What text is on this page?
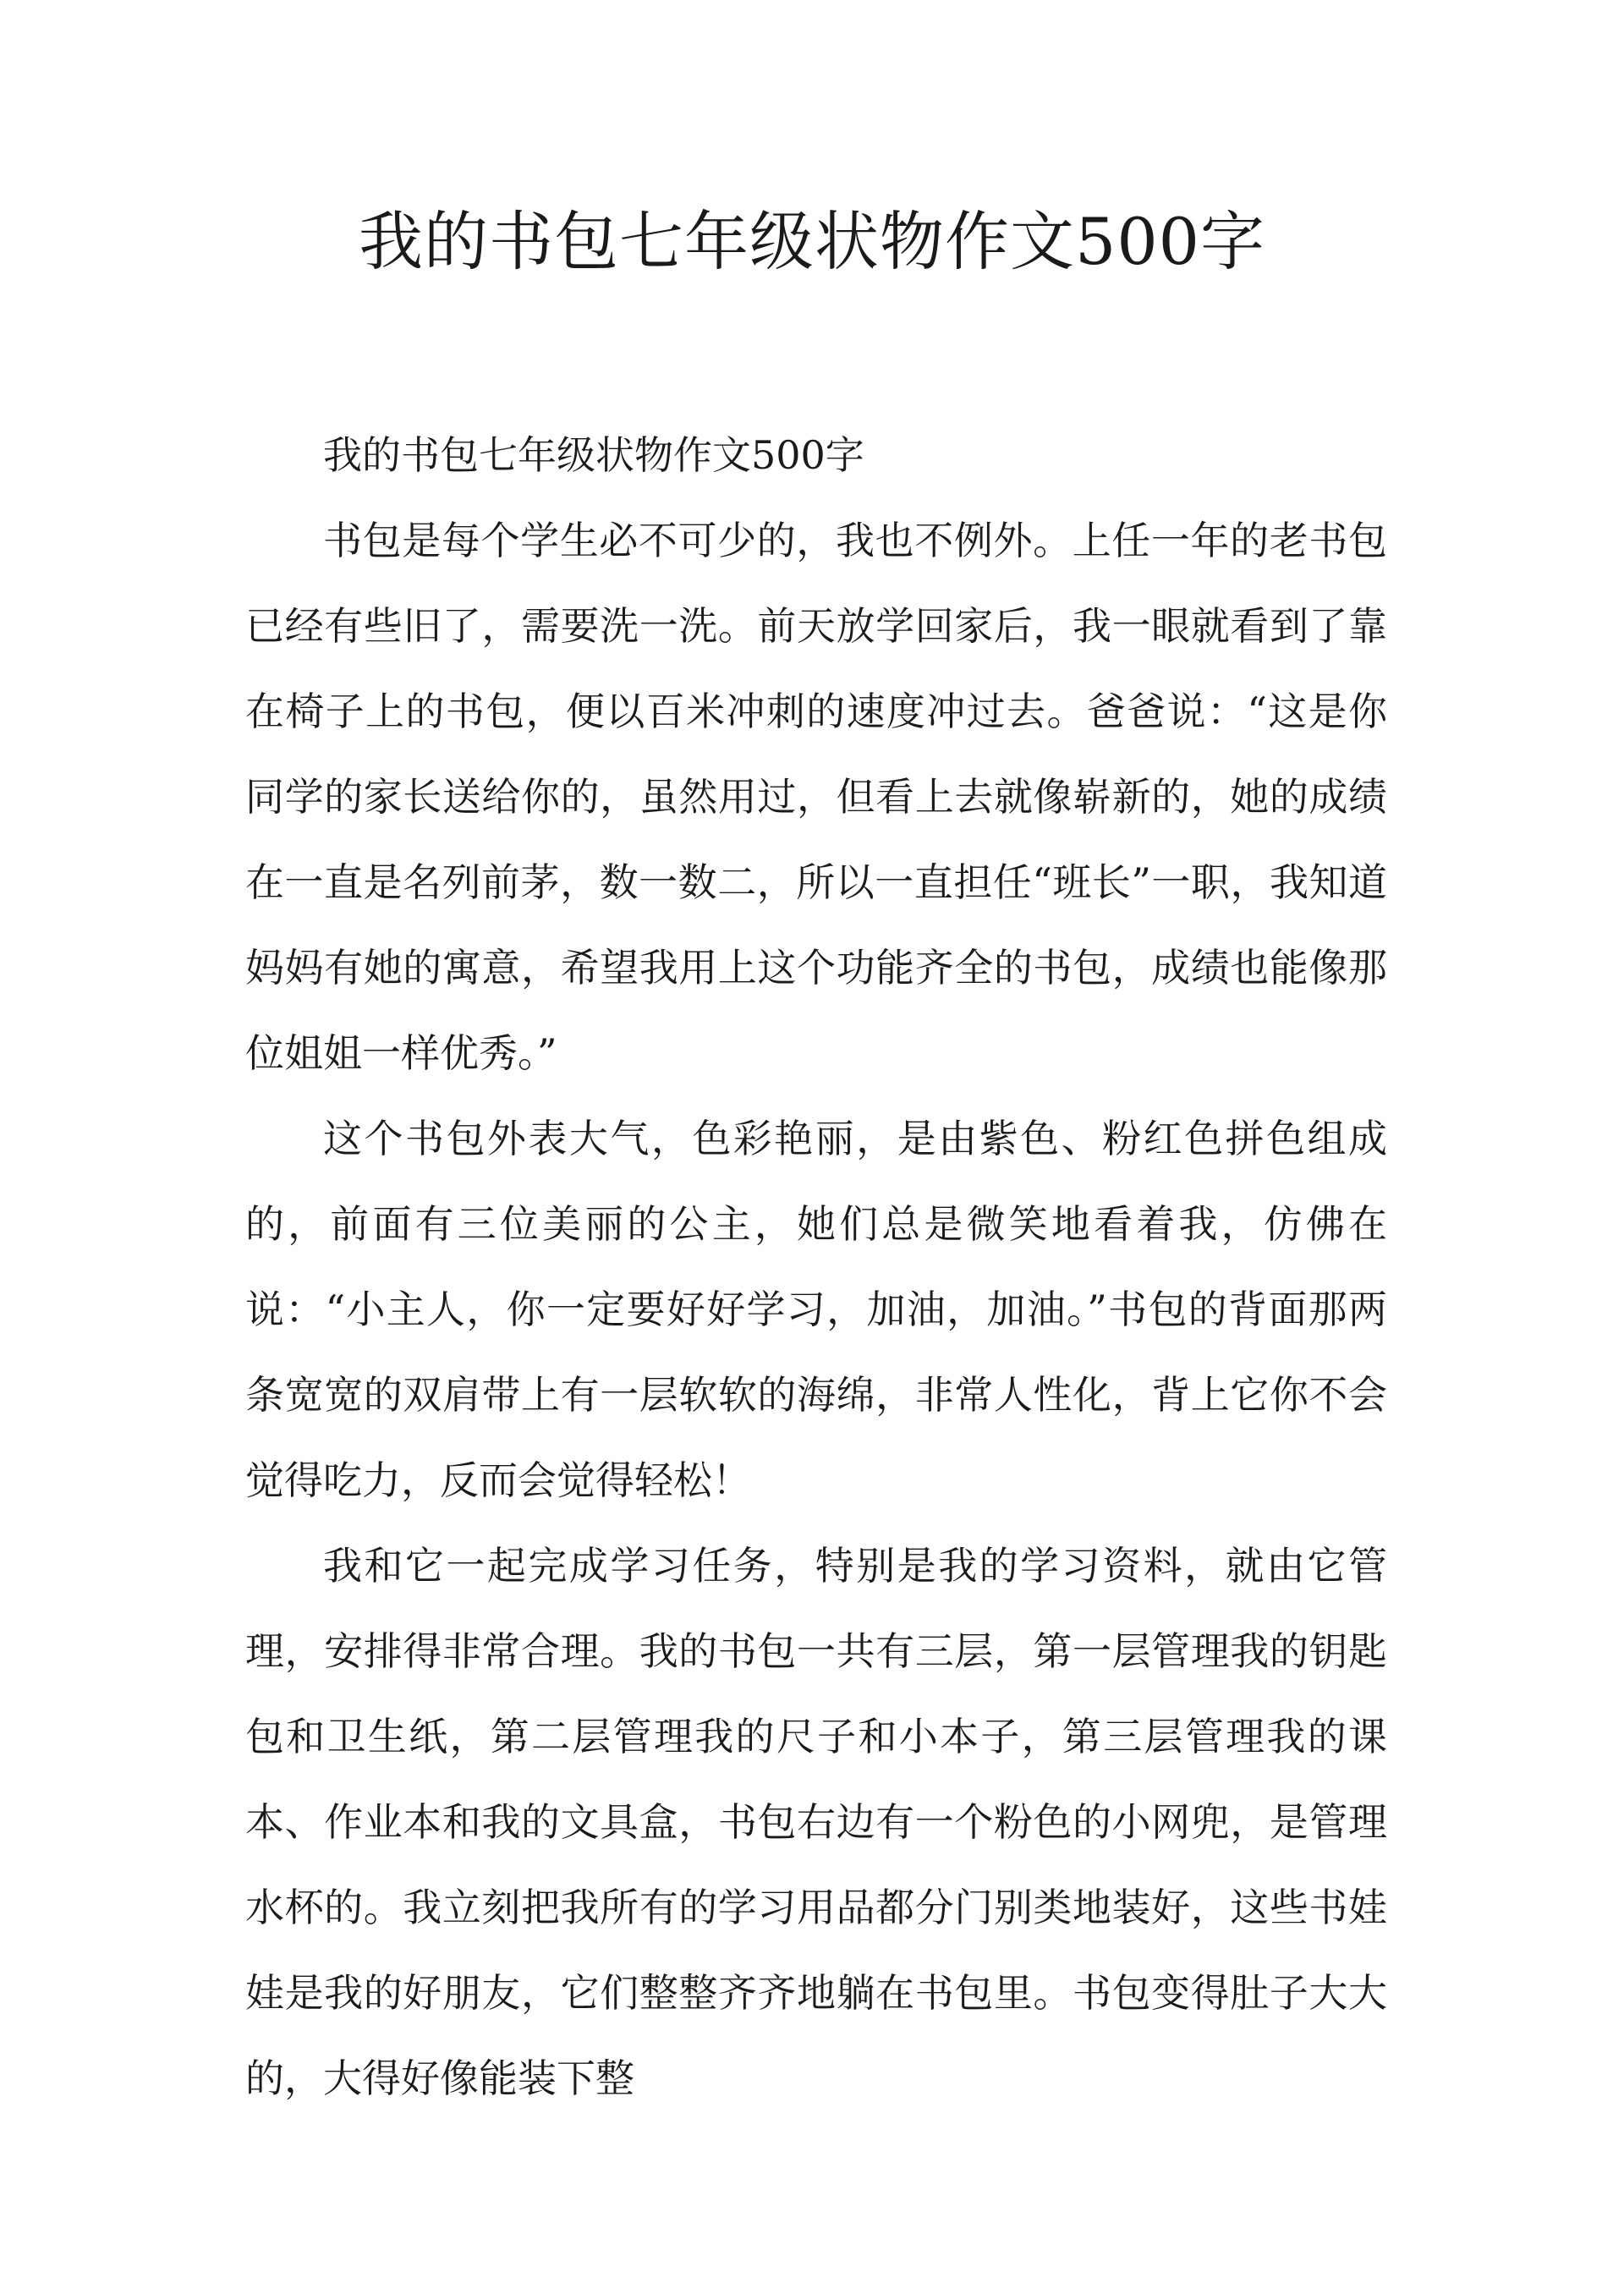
我的书包七年级状物作文500字

我的书包七年级状物作文500字

书包是每个学生必不可少的，我也不例外。上任一年的老书包已经有些旧了，需要洗一洗。前天放学回家后，我一眼就看到了靠在椅子上的书包，便以百米冲刺的速度冲过去。爸爸说：“这是你同学的家长送给你的，虽然用过，但看上去就像崭新的，她的成绩在一直是名列前茅，数一数二，所以一直担任“班长”一职，我知道妈妈有她的寓意，希望我用上这个功能齐全的书包，成绩也能像那位姐姐一样优秀。”

这个书包外表大气，色彩艳丽，是由紫色、粉红色拼色组成的，前面有三位美丽的公主，她们总是微笑地看着我，仿佛在说：“小主人，你一定要好好学习，加油，加油。”书包的背面那两条宽宽的双肩带上有一层软软的海绵，非常人性化，背上它你不会觉得吃力，反而会觉得轻松！

我和它一起完成学习任务，特别是我的学习资料，就由它管理，安排得非常合理。我的书包一共有三层，第一层管理我的钥匙包和卫生纸，第二层管理我的尺子和小本子，第三层管理我的课本、作业本和我的文具盒，书包右边有一个粉色的小网兜，是管理水杯的。我立刻把我所有的学习用品都分门别类地装好，这些书娃娃是我的好朋友，它们整整齐齐地躺在书包里。书包变得肚子大大的，大得好像能装下整
